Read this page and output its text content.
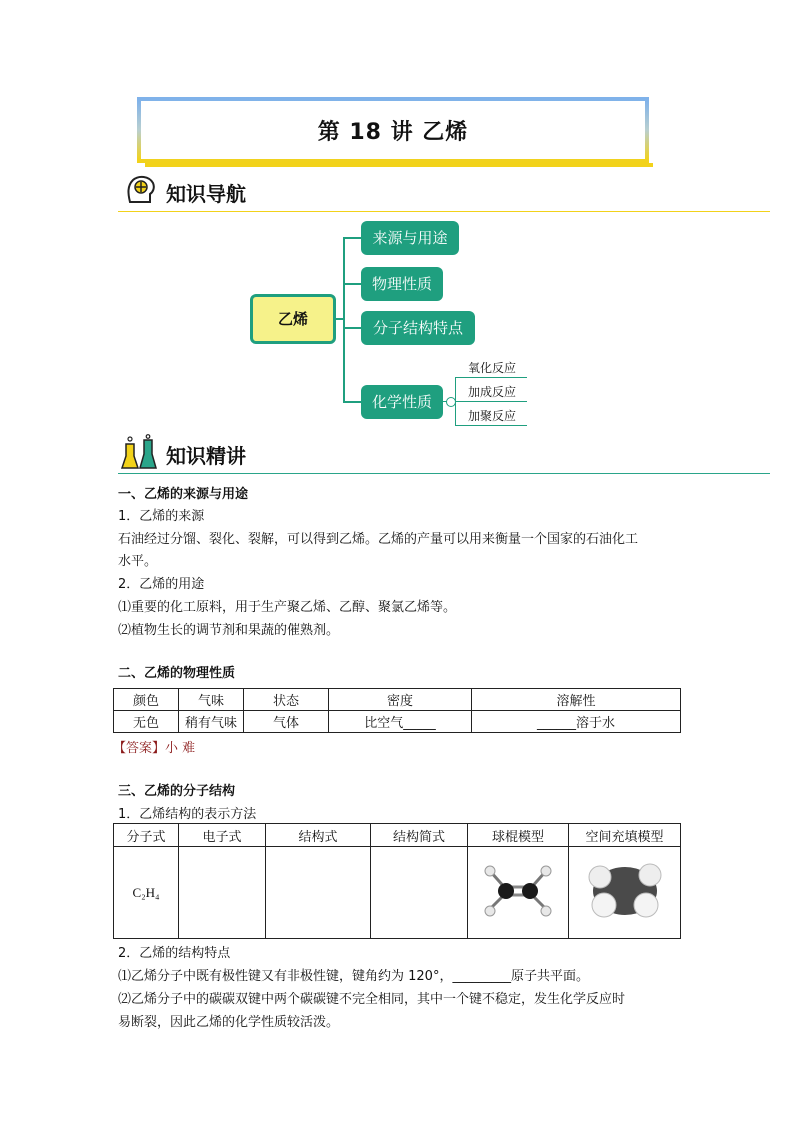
第 18 讲 乙烯
知识导航
乙烯
来源与用途
物理性质
分子结构特点
化学性质
氧化反应
加成反应
加聚反应
知识精讲
一、乙烯的来源与用途
1．乙烯的来源
石油经过分馏、裂化、裂解，可以得到乙烯。乙烯的产量可以用来衡量一个国家的石油化工
水平。
2．乙烯的用途
⑴重要的化工原料，用于生产聚乙烯、乙醇、聚氯乙烯等。
⑵植物生长的调节剂和果蔬的催熟剂。
二、乙烯的物理性质
颜色	气味	状态	密度	溶解性
无色	稍有气味	气体	比空气_____	______溶于水
【答案】小 难
三、乙烯的分子结构
1．乙烯结构的表示方法
分子式	电子式	结构式	结构简式	球棍模型	空间充填模型
C₂H₄					
2．乙烯的结构特点
⑴乙烯分子中既有极性键又有非极性键，键角约为 120°，_________原子共平面。
⑵乙烯分子中的碳碳双键中两个碳碳键不完全相同，其中一个键不稳定，发生化学反应时
易断裂，因此乙烯的化学性质较活泼。
